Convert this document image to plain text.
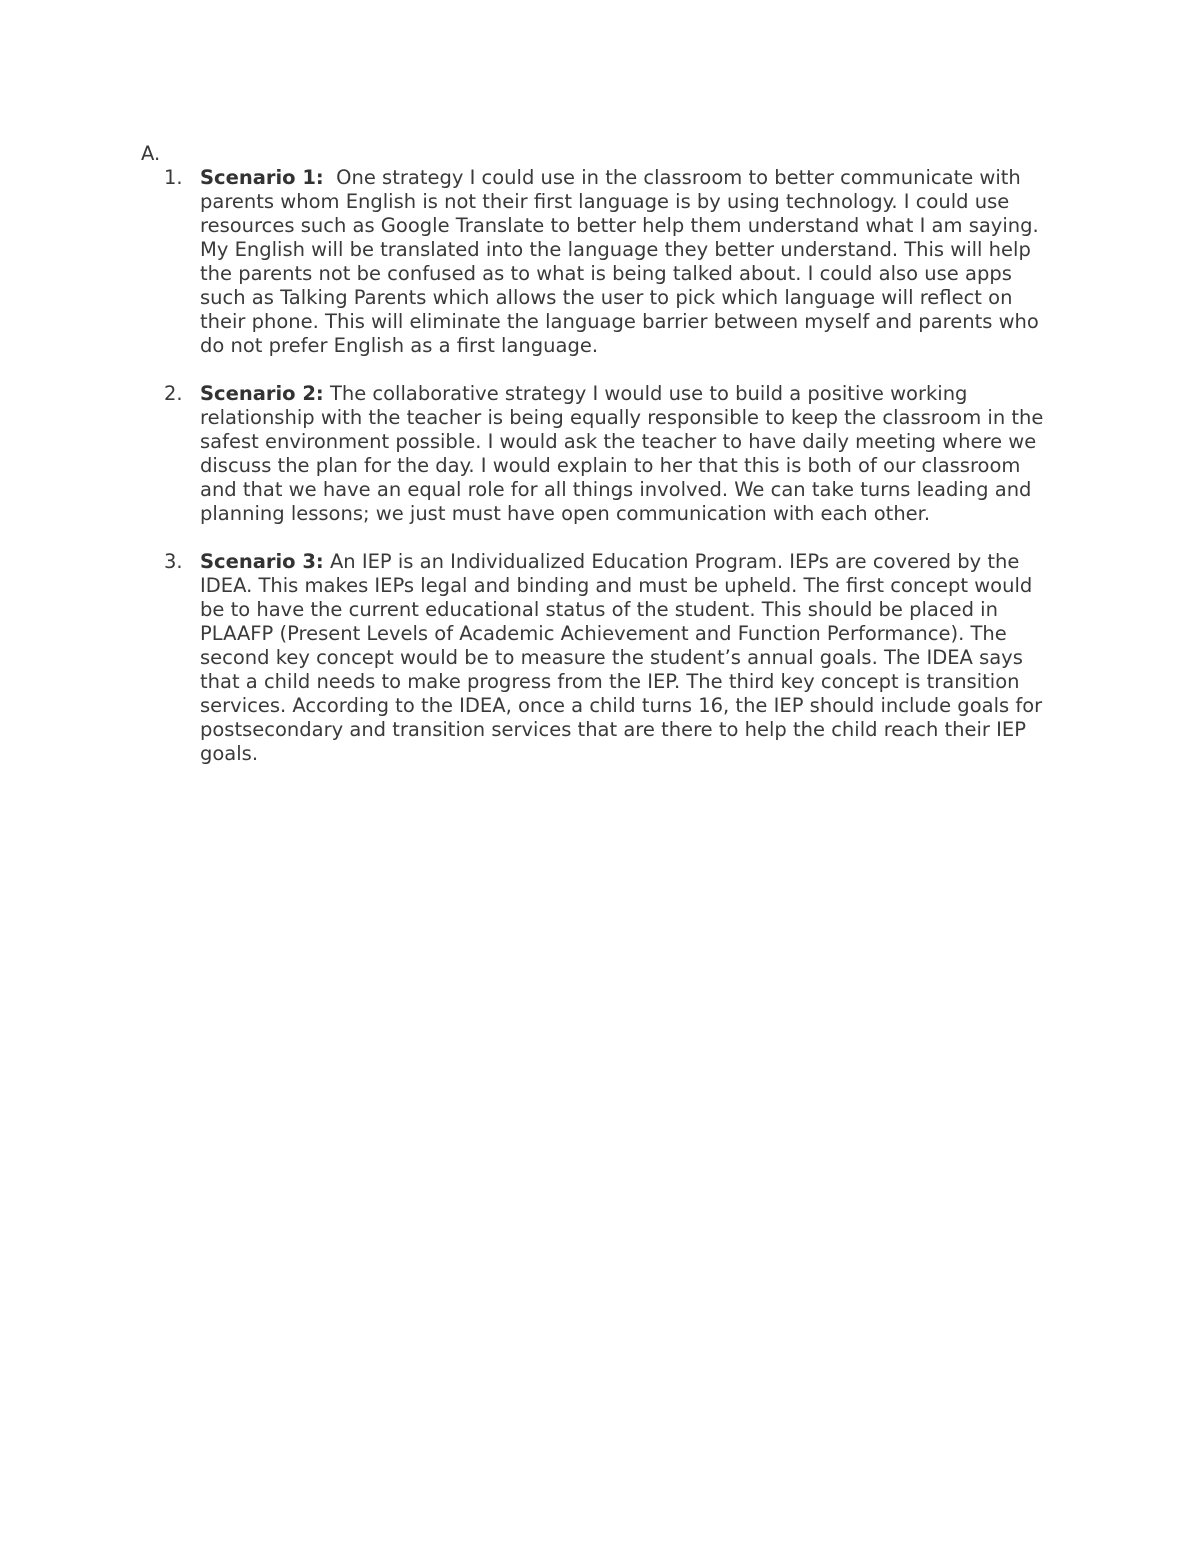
A.

1. Scenario 1: One strategy I could use in the classroom to better communicate with parents whom English is not their first language is by using technology. I could use resources such as Google Translate to better help them understand what I am saying. My English will be translated into the language they better understand. This will help the parents not be confused as to what is being talked about. I could also use apps such as Talking Parents which allows the user to pick which language will reflect on their phone. This will eliminate the language barrier between myself and parents who do not prefer English as a first language.
2. Scenario 2: The collaborative strategy I would use to build a positive working relationship with the teacher is being equally responsible to keep the classroom in the safest environment possible. I would ask the teacher to have daily meeting where we discuss the plan for the day. I would explain to her that this is both of our classroom and that we have an equal role for all things involved. We can take turns leading and planning lessons; we just must have open communication with each other.
3. Scenario 3: An IEP is an Individualized Education Program. IEPs are covered by the IDEA. This makes IEPs legal and binding and must be upheld. The first concept would be to have the current educational status of the student. This should be placed in PLAAFP (Present Levels of Academic Achievement and Function Performance). The second key concept would be to measure the student’s annual goals. The IDEA says that a child needs to make progress from the IEP. The third key concept is transition services. According to the IDEA, once a child turns 16, the IEP should include goals for postsecondary and transition services that are there to help the child reach their IEP goals.
